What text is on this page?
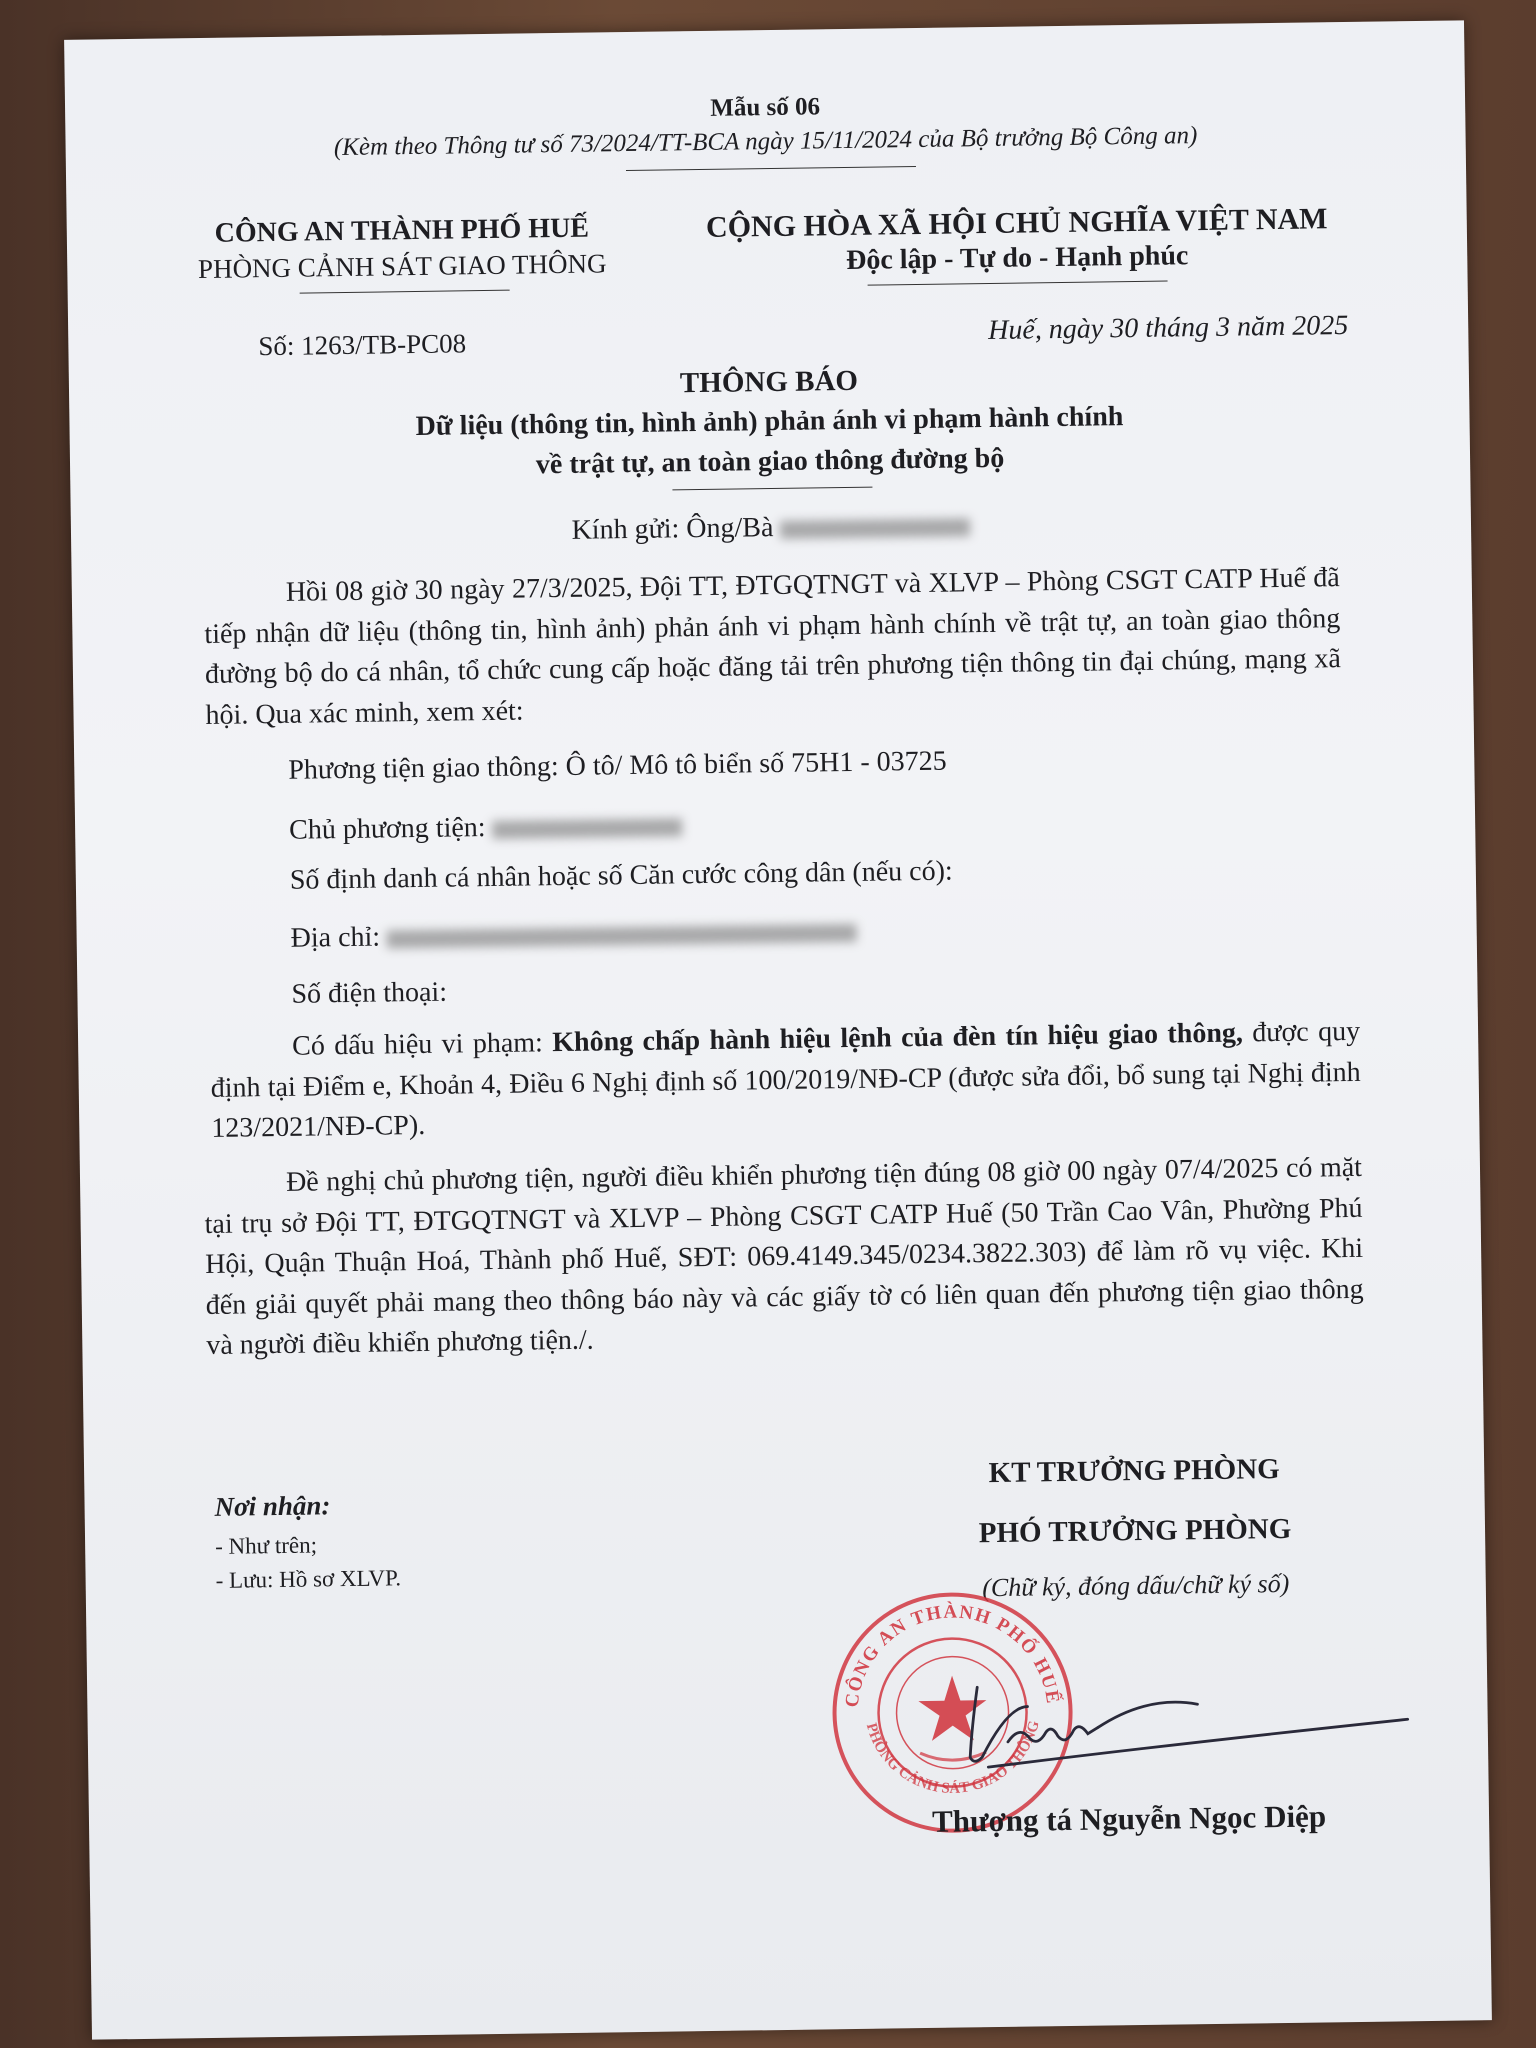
Mẫu số 06
(Kèm theo Thông tư số 73/2024/TT-BCA ngày 15/11/2024 của Bộ trưởng Bộ Công an)
CÔNG AN THÀNH PHỐ HUẾ
PHÒNG CẢNH SÁT GIAO THÔNG
CỘNG HÒA XÃ HỘI CHỦ NGHĨA VIỆT NAM
Độc lập - Tự do - Hạnh phúc
Số: 1263/TB-PC08	Huế, ngày 30 tháng 3 năm 2025
THÔNG BÁO
Dữ liệu (thông tin, hình ảnh) phản ánh vi phạm hành chính
về trật tự, an toàn giao thông đường bộ
Kính gửi: Ông/Bà
Hồi 08 giờ 30 ngày 27/3/2025, Đội TT, ĐTGQTNGT và XLVP – Phòng CSGT CATP Huế đã tiếp nhận dữ liệu (thông tin, hình ảnh) phản ánh vi phạm hành chính về trật tự, an toàn giao thông đường bộ do cá nhân, tổ chức cung cấp hoặc đăng tải trên phương tiện thông tin đại chúng, mạng xã hội. Qua xác minh, xem xét:
Phương tiện giao thông: Ô tô/ Mô tô biển số 75H1 - 03725
Chủ phương tiện:
Số định danh cá nhân hoặc số Căn cước công dân (nếu có):
Địa chỉ:
Số điện thoại:
Có dấu hiệu vi phạm: Không chấp hành hiệu lệnh của đèn tín hiệu giao thông, được quy định tại Điểm e, Khoản 4, Điều 6 Nghị định số 100/2019/NĐ-CP (được sửa đổi, bổ sung tại Nghị định 123/2021/NĐ-CP).
Đề nghị chủ phương tiện, người điều khiển phương tiện đúng 08 giờ 00 ngày 07/4/2025 có mặt tại trụ sở Đội TT, ĐTGQTNGT và XLVP – Phòng CSGT CATP Huế (50 Trần Cao Vân, Phường Phú Hội, Quận Thuận Hoá, Thành phố Huế, SĐT: 069.4149.345/0234.3822.303) để làm rõ vụ việc. Khi đến giải quyết phải mang theo thông báo này và các giấy tờ có liên quan đến phương tiện giao thông và người điều khiển phương tiện./.
Nơi nhận:
- Như trên;
- Lưu: Hồ sơ XLVP.
KT TRƯỞNG PHÒNG
PHÓ TRƯỞNG PHÒNG
(Chữ ký, đóng dấu/chữ ký số)
CÔNG AN THÀNH PHỐ HUẾ
PHÒNG CẢNH SÁT GIAO THÔNG
Thượng tá Nguyễn Ngọc Diệp
